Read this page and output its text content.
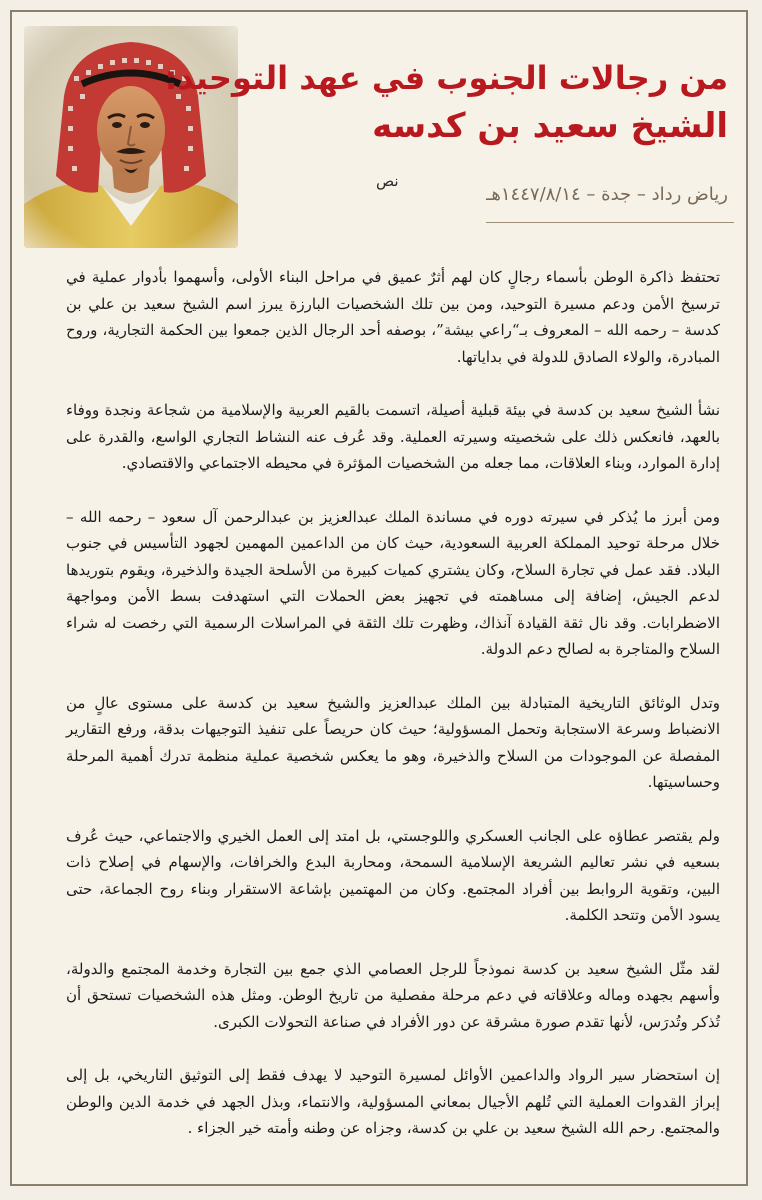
من رجالات الجنوب في عهد التوحيد:
الشيخ سعيد بن كدسه
نص
رياض رداد – جدة – ١٤٤٧/٨/١٤هـ

تحتفظ ذاكرة الوطن بأسماء رجالٍ كان لهم أثرٌ عميق في مراحل البناء الأولى، وأسهموا بأدوار عملية في ترسيخ الأمن ودعم مسيرة التوحيد، ومن بين تلك الشخصيات البارزة يبرز اسم الشيخ سعيد بن علي بن كدسة – رحمه الله – المعروف بـ“راعي بيشة”، بوصفه أحد الرجال الذين جمعوا بين الحكمة التجارية، وروح المبادرة، والولاء الصادق للدولة في بداياتها.

نشأ الشيخ سعيد بن كدسة في بيئة قبلية أصيلة، اتسمت بالقيم العربية والإسلامية من شجاعة ونجدة ووفاء بالعهد، فانعكس ذلك على شخصيته وسيرته العملية. وقد عُرف عنه النشاط التجاري الواسع، والقدرة على إدارة الموارد، وبناء العلاقات، مما جعله من الشخصيات المؤثرة في محيطه الاجتماعي والاقتصادي.

ومن أبرز ما يُذكر في سيرته دوره في مساندة الملك عبدالعزيز بن عبدالرحمن آل سعود – رحمه الله – خلال مرحلة توحيد المملكة العربية السعودية، حيث كان من الداعمين المهمين لجهود التأسيس في جنوب البلاد. فقد عمل في تجارة السلاح، وكان يشتري كميات كبيرة من الأسلحة الجيدة والذخيرة، ويقوم بتوريدها لدعم الجيش، إضافة إلى مساهمته في تجهيز بعض الحملات التي استهدفت بسط الأمن ومواجهة الاضطرابات. وقد نال ثقة القيادة آنذاك، وظهرت تلك الثقة في المراسلات الرسمية التي رخصت له شراء السلاح والمتاجرة به لصالح دعم الدولة.

وتدل الوثائق التاريخية المتبادلة بين الملك عبدالعزيز والشيخ سعيد بن كدسة على مستوى عالٍ من الانضباط وسرعة الاستجابة وتحمل المسؤولية؛ حيث كان حريصاً على تنفيذ التوجيهات بدقة، ورفع التقارير المفصلة عن الموجودات من السلاح والذخيرة، وهو ما يعكس شخصية عملية منظمة تدرك أهمية المرحلة وحساسيتها.

ولم يقتصر عطاؤه على الجانب العسكري واللوجستي، بل امتد إلى العمل الخيري والاجتماعي، حيث عُرف بسعيه في نشر تعاليم الشريعة الإسلامية السمحة، ومحاربة البدع والخرافات، والإسهام في إصلاح ذات البين، وتقوية الروابط بين أفراد المجتمع. وكان من المهتمين بإشاعة الاستقرار وبناء روح الجماعة، حتى يسود الأمن وتتحد الكلمة.

لقد مثّل الشيخ سعيد بن كدسة نموذجاً للرجل العصامي الذي جمع بين التجارة وخدمة المجتمع والدولة، وأسهم بجهده وماله وعلاقاته في دعم مرحلة مفصلية من تاريخ الوطن. ومثل هذه الشخصيات تستحق أن تُذكر وتُدرَس، لأنها تقدم صورة مشرقة عن دور الأفراد في صناعة التحولات الكبرى.

إن استحضار سير الرواد والداعمين الأوائل لمسيرة التوحيد لا يهدف فقط إلى التوثيق التاريخي، بل إلى إبراز القدوات العملية التي تُلهم الأجيال بمعاني المسؤولية، والانتماء، وبذل الجهد في خدمة الدين والوطن والمجتمع. رحم الله الشيخ سعيد بن علي بن كدسة، وجزاه عن وطنه وأمته خير الجزاء .
